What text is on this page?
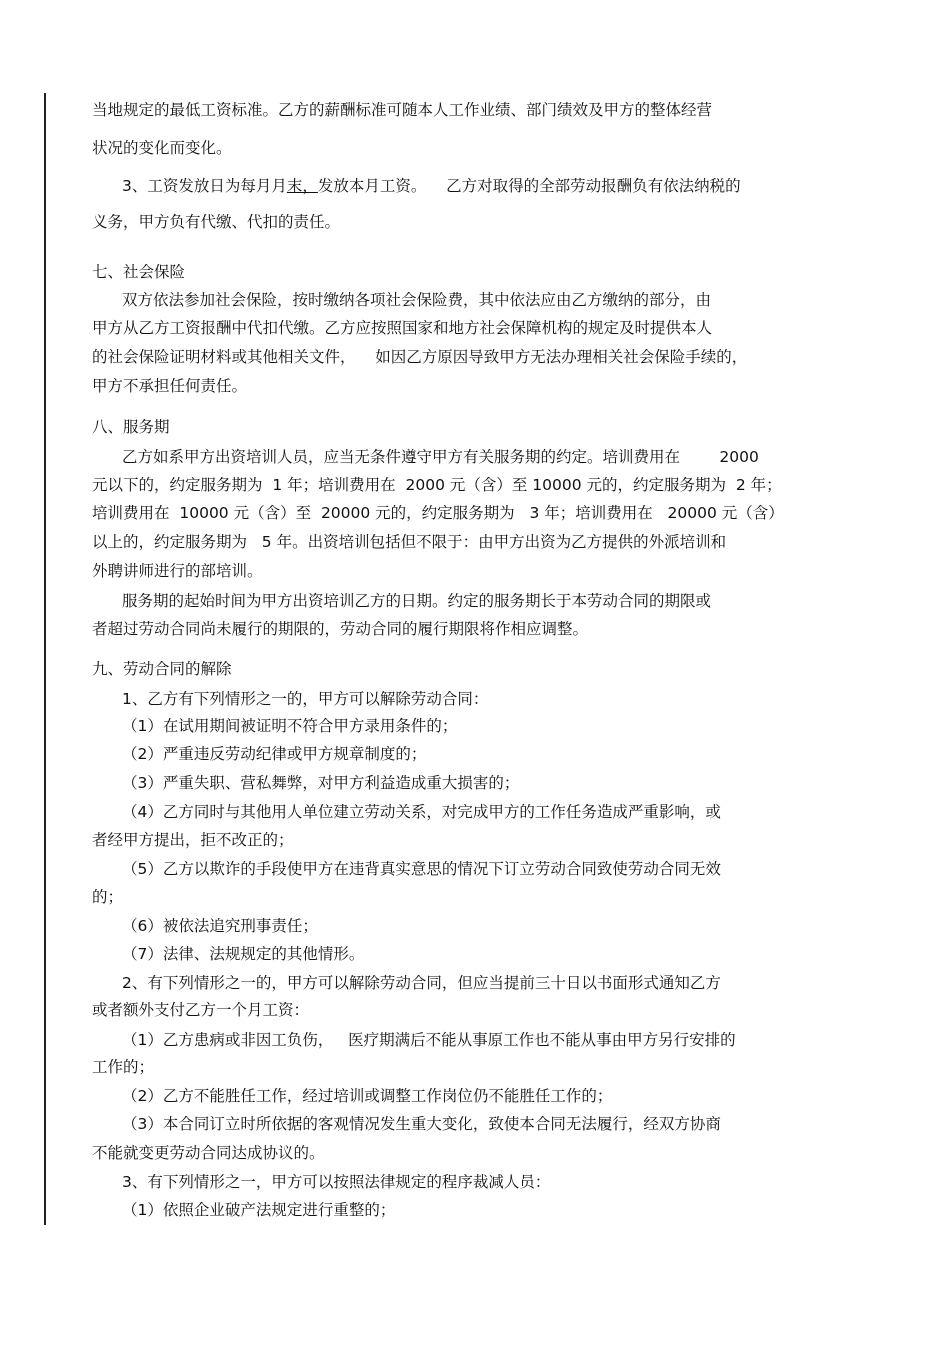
当地规定的最低工资标准。乙方的薪酬标准可随本人工作业绩、部门绩效及甲方的整体经营

状况的变化而变化。

3、工资发放日为每月月末，发放本月工资。    乙方对取得的全部劳动报酬负有依法纳税的

义务，甲方负有代缴、代扣的责任。

七、社会保险

双方依法参加社会保险，按时缴纳各项社会保险费，其中依法应由乙方缴纳的部分，由

甲方从乙方工资报酬中代扣代缴。乙方应按照国家和地方社会保障机构的规定及时提供本人

的社会保险证明材料或其他相关文件，    如因乙方原因导致甲方无法办理相关社会保险手续的，

甲方不承担任何责任。

八、服务期

乙方如系甲方出资培训人员，应当无条件遵守甲方有关服务期的约定。培训费用在        2000

元以下的，约定服务期为  1 年；培训费用在  2000 元（含）至 10000 元的，约定服务期为  2 年；

培训费用在  10000 元（含）至  20000 元的，约定服务期为   3 年；培训费用在   20000 元（含）

以上的，约定服务期为   5 年。出资培训包括但不限于：由甲方出资为乙方提供的外派培训和

外聘讲师进行的部培训。

服务期的起始时间为甲方出资培训乙方的日期。约定的服务期长于本劳动合同的期限或

者超过劳动合同尚未履行的期限的，劳动合同的履行期限将作相应调整。

九、劳动合同的解除

1、乙方有下列情形之一的，甲方可以解除劳动合同：

（1）在试用期间被证明不符合甲方录用条件的；

（2）严重违反劳动纪律或甲方规章制度的；

（3）严重失职、营私舞弊，对甲方利益造成重大损害的；

（4）乙方同时与其他用人单位建立劳动关系，对完成甲方的工作任务造成严重影响，或

者经甲方提出，拒不改正的；

（5）乙方以欺诈的手段使甲方在违背真实意思的情况下订立劳动合同致使劳动合同无效

的；

（6）被依法追究刑事责任；

（7）法律、法规规定的其他情形。

2、有下列情形之一的，甲方可以解除劳动合同，但应当提前三十日以书面形式通知乙方

或者额外支付乙方一个月工资：

（1）乙方患病或非因工负伤，   医疗期满后不能从事原工作也不能从事由甲方另行安排的

工作的；

（2）乙方不能胜任工作，经过培训或调整工作岗位仍不能胜任工作的；

（3）本合同订立时所依据的客观情况发生重大变化，致使本合同无法履行，经双方协商

不能就变更劳动合同达成协议的。

3、有下列情形之一，甲方可以按照法律规定的程序裁减人员：

（1）依照企业破产法规定进行重整的；
